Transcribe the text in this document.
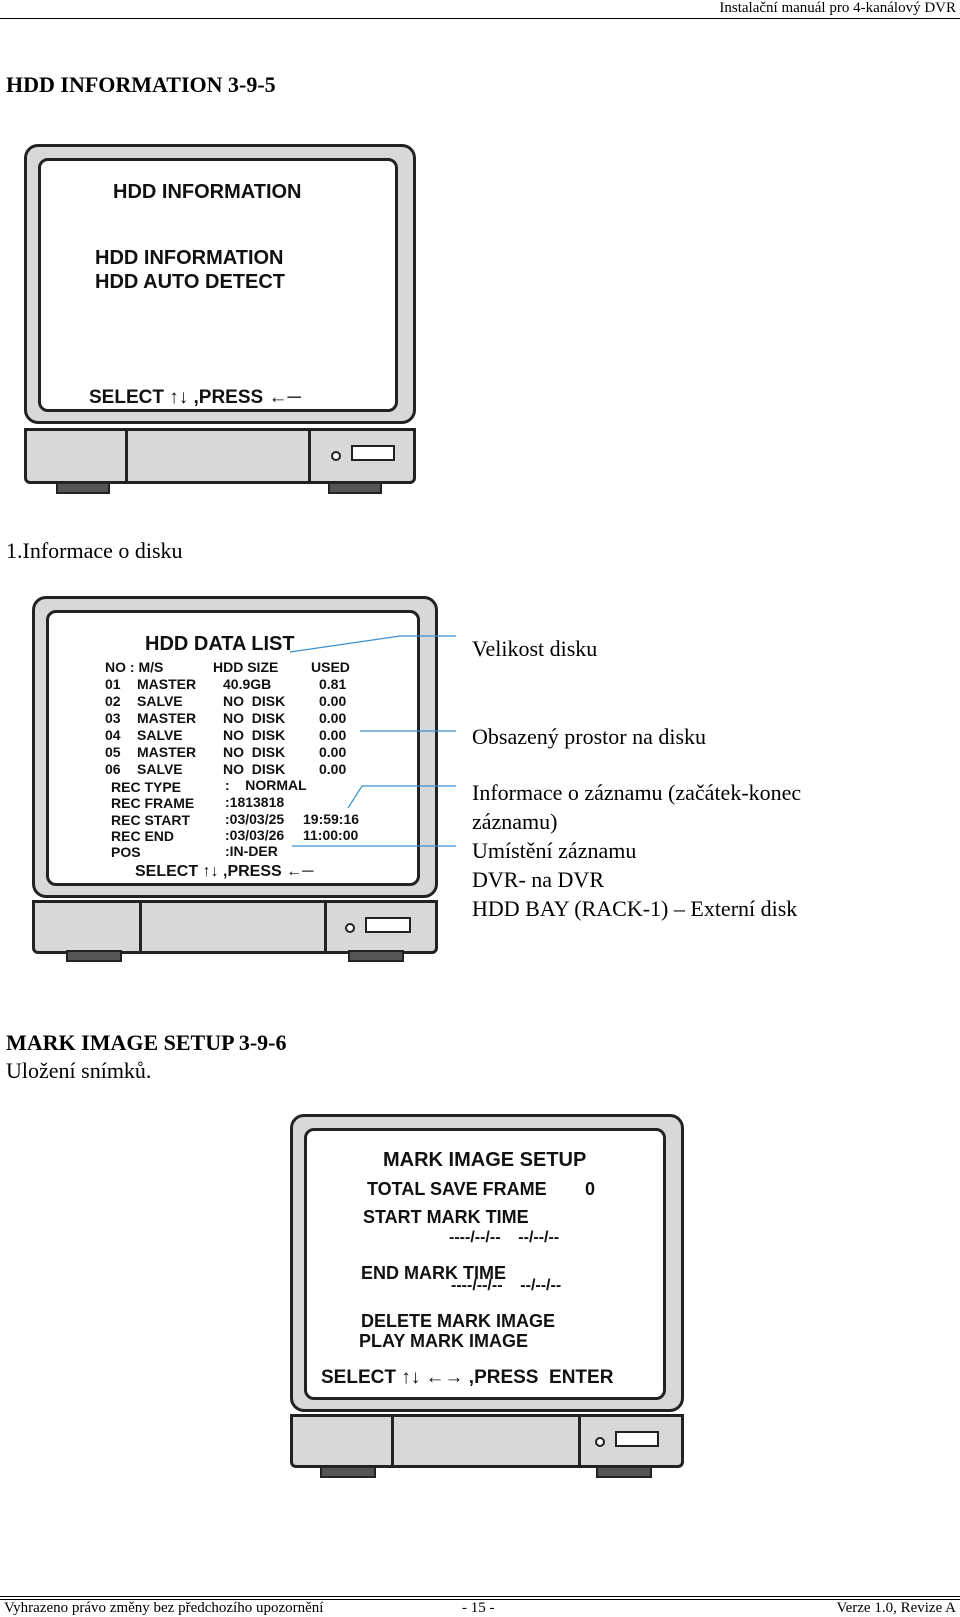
Instalační manuál pro 4-kanálový DVR
HDD INFORMATION 3-9-5
HDD INFORMATION
HDD INFORMATION
HDD AUTO DETECT
SELECT ↑↓ ,PRESS ←─
1.Informace o disku
HDD DATA LIST
NO : M/S	HDD SIZE USED
01 MASTER 40.9GB	0.81
02 SALVE	NO  DISK 0.00
03 MASTER NO  DISK 0.00
04 SALVE	NO  DISK 0.00
05 MASTER NO  DISK 0.00
06 SALVE	NO  DISK 0.00
REC TYPE	:    NORMAL
REC FRAME :1813818
REC START :03/03/25 19:59:16
REC END	:03/03/26 11:00:00
POS	:IN-DER
SELECT ↑↓ ,PRESS ←─
Velikost disku
Obsazený prostor na disku
Informace o záznamu (začátek-konec
záznamu)
Umístění záznamu
DVR- na DVR
HDD BAY (RACK-1) – Externí disk
MARK IMAGE SETUP 3-9-6
Uložení snímků.
MARK IMAGE SETUP
TOTAL SAVE FRAME 0
START MARK TIME
----/--/--    --/--/--
END MARK TIME
----/--/--    --/--/--
DELETE MARK IMAGE
PLAY MARK IMAGE
SELECT ↑↓ ←→ ,PRESS  ENTER
Vyhrazeno právo změny bez předchozího upozornění	- 15 -	Verze 1.0, Revize A
